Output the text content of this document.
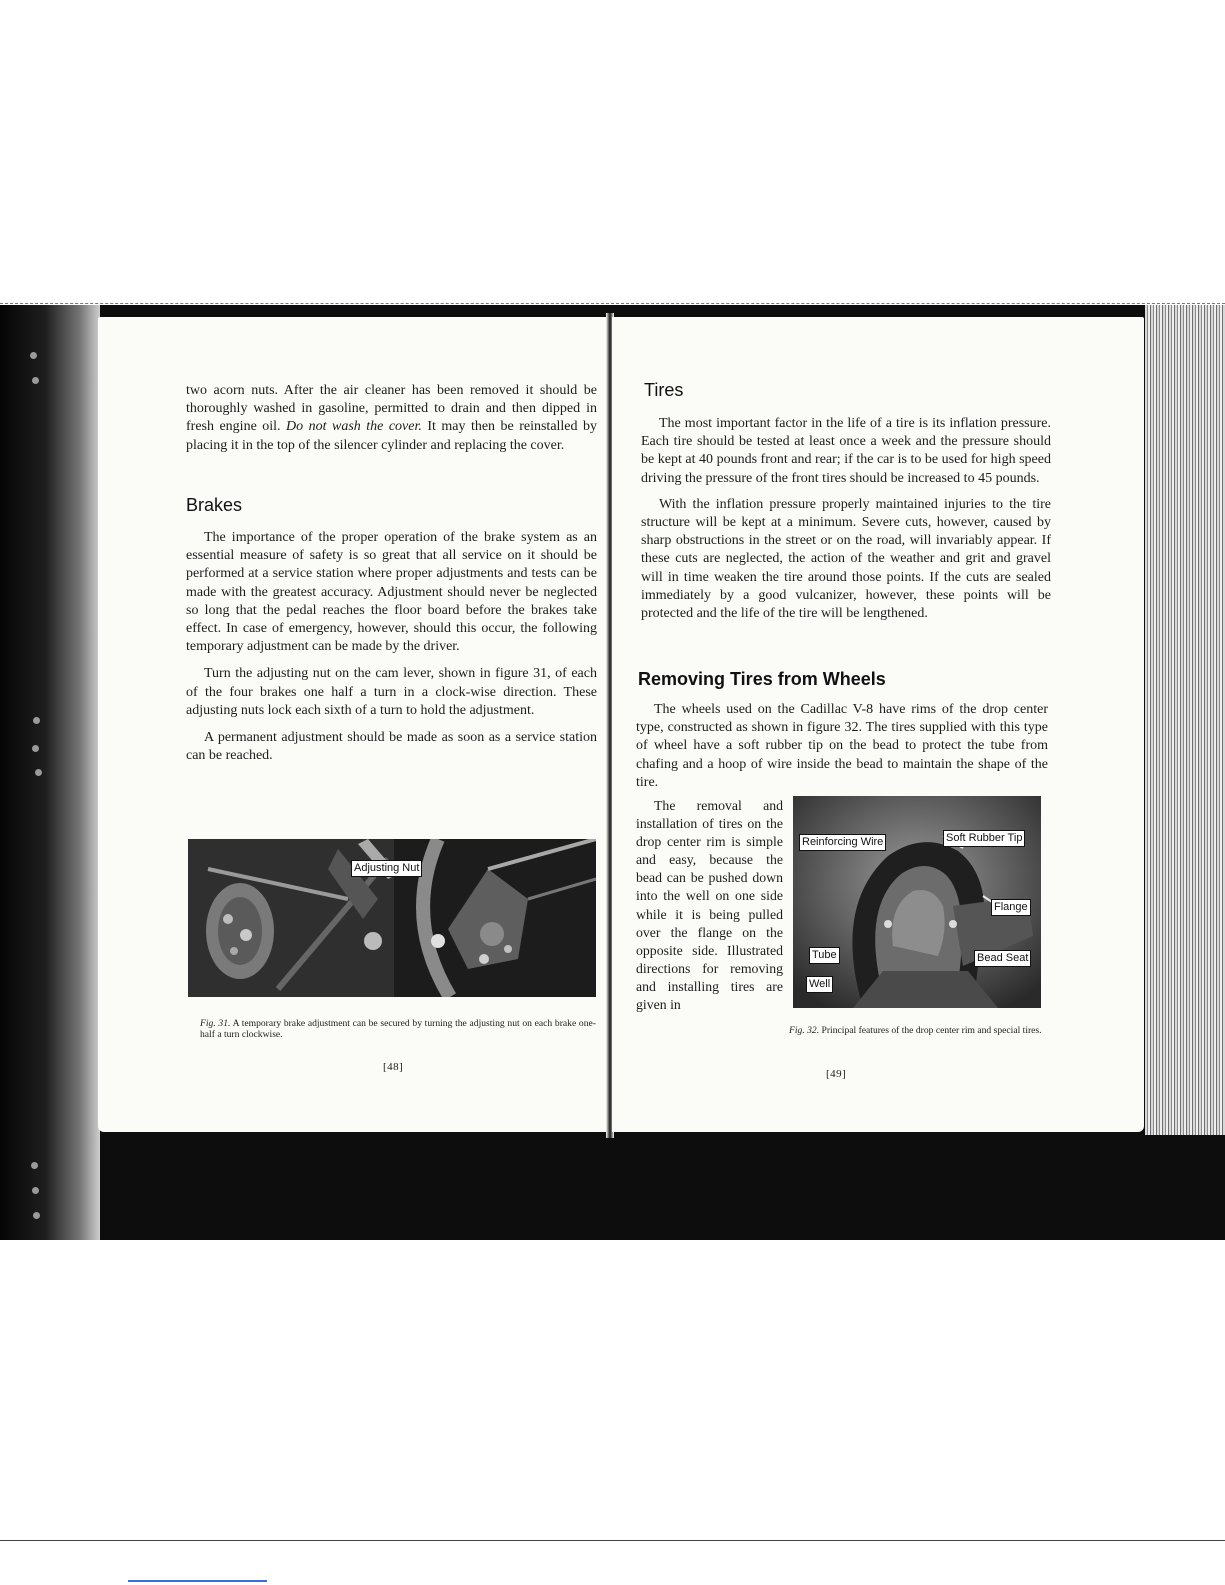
two acorn nuts. After the air cleaner has been removed it should be thoroughly washed in gasoline, permitted to drain and then dipped in fresh engine oil. Do not wash the cover. It may then be reinstalled by placing it in the top of the silencer cylinder and replacing the cover.

Brakes

The importance of the proper operation of the brake system as an essential measure of safety is so great that all service on it should be performed at a service station where proper adjustments and tests can be made with the greatest accuracy. Adjustment should never be neglected so long that the pedal reaches the floor board before the brakes take effect. In case of emergency, however, should this occur, the following temporary adjustment can be made by the driver.

Turn the adjusting nut on the cam lever, shown in figure 31, of each of the four brakes one half a turn in a clock-wise direction. These adjusting nuts lock each sixth of a turn to hold the adjustment.

A permanent adjustment should be made as soon as a service station can be reached.

Adjusting Nut
Fig. 31. A temporary brake adjustment can be secured by turning the adjusting nut on each brake one-half a turn clockwise.
[48]
Tires

The most important factor in the life of a tire is its inflation pressure. Each tire should be tested at least once a week and the pressure should be kept at 40 pounds front and rear; if the car is to be used for high speed driving the pressure of the front tires should be increased to 45 pounds.

With the inflation pressure properly maintained injuries to the tire structure will be kept at a minimum. Severe cuts, however, caused by sharp obstructions in the street or on the road, will invariably appear. If these cuts are neglected, the action of the weather and grit and gravel will in time weaken the tire around those points. If the cuts are sealed immediately by a good vulcanizer, however, these points will be protected and the life of the tire will be lengthened.

Removing Tires from Wheels

The wheels used on the Cadillac V-8 have rims of the drop center type, constructed as shown in figure 32. The tires supplied with this type of wheel have a soft rubber tip on the bead to protect the tube from chafing and a hoop of wire inside the bead to maintain the shape of the tire.

The removal and installation of tires on the drop center rim is simple and easy, because the bead can be pushed down into the well on one side while it is being pulled over the flange on the opposite side. Illustrated directions for removing and installing tires are given in

Reinforcing Wire	Soft Rubber Tip
Flange
Tube	Bead Seat
Well
Fig. 32. Principal features of the drop center rim and special tires.
[49]
